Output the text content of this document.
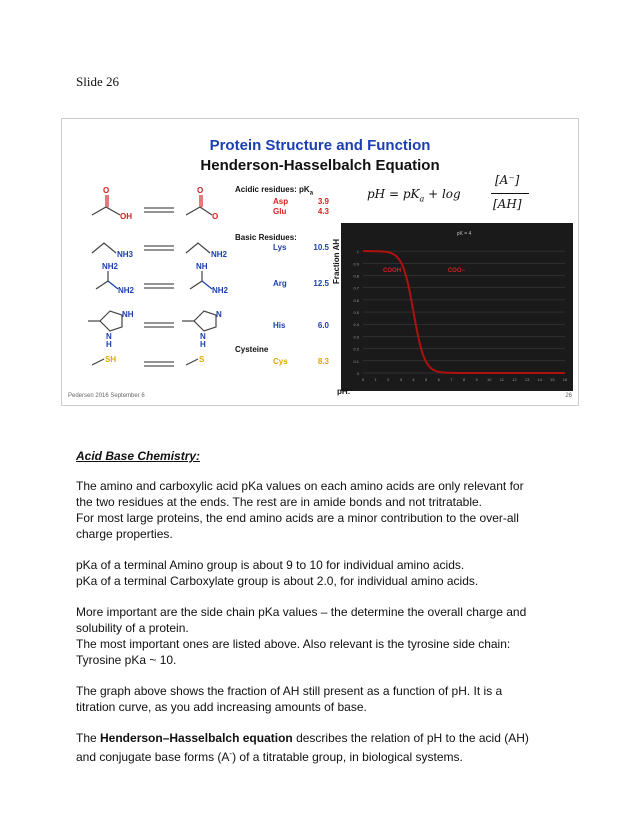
Slide 26
Protein Structure and Function
Henderson-Hasselbalch Equation
O
OH
O
O
NH3	NH2
NH2
NH2
NH
NH2
NH
N
H
N
N
H
SH	S
Acidic residues: $pK_a$
Asp	3.9
Glu	4.3
Basic Residues:
Lys	10.5
Arg	12.5
His	6.0
Cysteine
Cys	8.3
pH = $pK_a + \log$
[A⁻]
[AH]
0
0.1
0.2
0.3
0.4
0.5
0.6
0.7
0.8
0.9
1
0	1	2	3	4	5	6	7	8	9 10 11 12 13 14 15 16
pK = 4
COOH	COO−
Fraction AH
pH:
Pedersen 2016 September 6	26

Acid Base Chemistry:

The amino and carboxylic acid pKa values on each amino acids are only relevant for
the two residues at the ends. The rest are in amide bonds and not tritratable.
For most large proteins, the end amino acids are a minor contribution to the over-all
charge properties.

pKa of a terminal Amino group is about 9 to 10 for individual amino acids.
pKa of a terminal Carboxylate group is about 2.0, for individual amino acids.

More important are the side chain pKa values – the determine the overall charge and
solubility of a protein.
The most important ones are listed above. Also relevant is the tyrosine side chain:
Tyrosine pKa ~ 10.

The graph above shows the fraction of AH still present as a function of pH. It is a
titration curve, as you add increasing amounts of base.

The Henderson–Hasselbalch equation describes the relation of pH to the acid (AH)
and conjugate base forms (A-) of a titratable group, in biological systems.
